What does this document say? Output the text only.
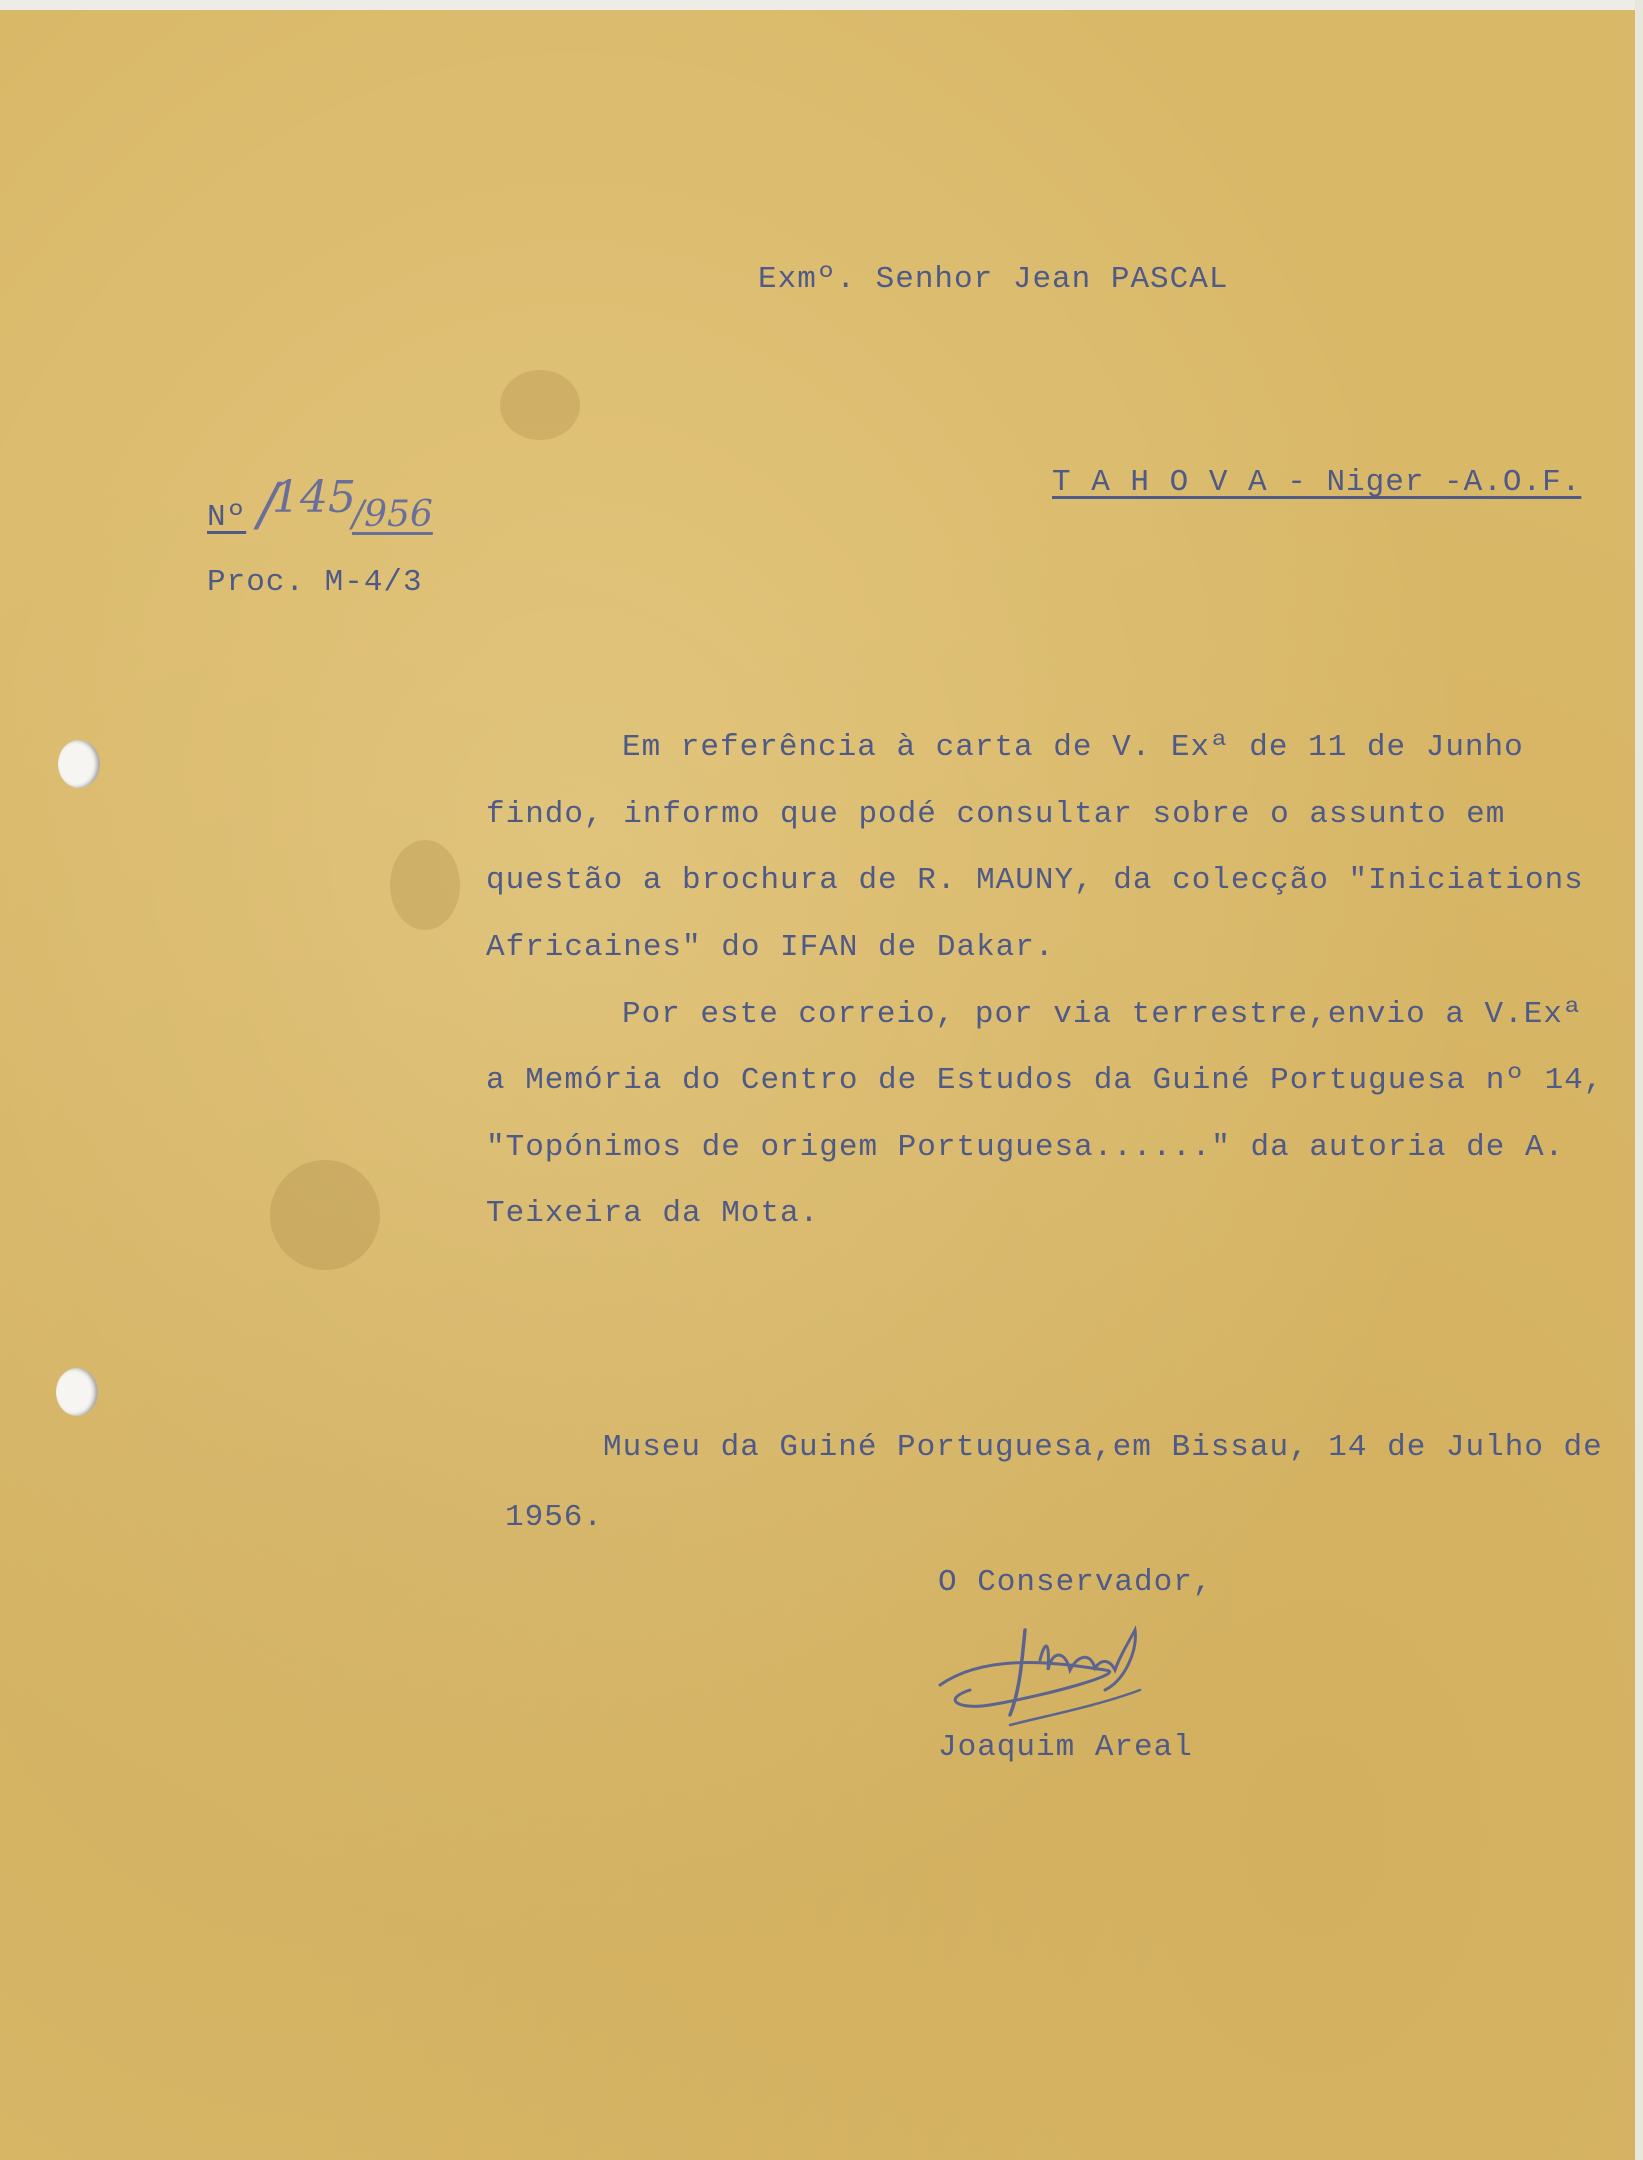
Exmº. Senhor Jean PASCAL

T A H O V A - Niger -A.O.F.

Nº 145
/ /956

Proc. M-4/3

Em referência à carta de V. Exª de 11 de Junho

findo, informo que podé consultar sobre o assunto em

questão a brochura de R. MAUNY, da colecção "Iniciations

Africaines" do IFAN de Dakar.

Por este correio, por via terrestre,envio a V.Exª

a Memória do Centro de Estudos da Guiné Portuguesa nº 14,

"Topónimos de origem Portuguesa......" da autoria de A.

Teixeira da Mota.

Museu da Guiné Portuguesa,em Bissau, 14 de Julho de

1956.

O Conservador,

JAreal

Joaquim Areal
